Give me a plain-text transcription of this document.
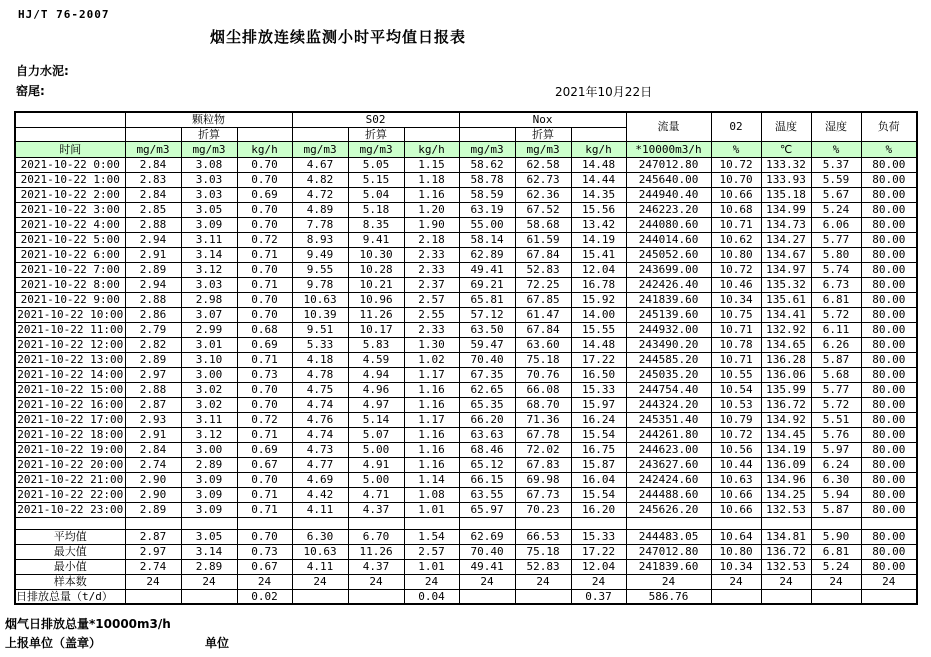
HJ/T 76-2007
烟尘排放连续监测小时平均值日报表
自力水泥:
窑尾:	2021年10月22日
	颗粒物			S02			Nox			流量	02	温度	湿度	负荷
		折算			折算			折算						
时间	mg/m3	mg/m3	kg/h	mg/m3	mg/m3	kg/h	mg/m3	mg/m3	kg/h	*10000m3/h	%	℃	%	%
2021-10-22 0:00	2.84	3.08	0.70	4.67	5.05	1.15	58.62	62.58	14.48	247012.80	10.72	133.32	5.37	80.00
2021-10-22 1:00	2.83	3.03	0.70	4.82	5.15	1.18	58.78	62.73	14.44	245640.00	10.70	133.93	5.59	80.00
2021-10-22 2:00	2.84	3.03	0.69	4.72	5.04	1.16	58.59	62.36	14.35	244940.40	10.66	135.18	5.67	80.00
2021-10-22 3:00	2.85	3.05	0.70	4.89	5.18	1.20	63.19	67.52	15.56	246223.20	10.68	134.99	5.24	80.00
2021-10-22 4:00	2.88	3.09	0.70	7.78	8.35	1.90	55.00	58.68	13.42	244080.60	10.71	134.73	6.06	80.00
2021-10-22 5:00	2.94	3.11	0.72	8.93	9.41	2.18	58.14	61.59	14.19	244014.60	10.62	134.27	5.77	80.00
2021-10-22 6:00	2.91	3.14	0.71	9.49	10.30	2.33	62.89	67.84	15.41	245052.60	10.80	134.67	5.80	80.00
2021-10-22 7:00	2.89	3.12	0.70	9.55	10.28	2.33	49.41	52.83	12.04	243699.00	10.72	134.97	5.74	80.00
2021-10-22 8:00	2.94	3.03	0.71	9.78	10.21	2.37	69.21	72.25	16.78	242426.40	10.46	135.32	6.73	80.00
2021-10-22 9:00	2.88	2.98	0.70	10.63	10.96	2.57	65.81	67.85	15.92	241839.60	10.34	135.61	6.81	80.00
2021-10-22 10:00	2.86	3.07	0.70	10.39	11.26	2.55	57.12	61.47	14.00	245139.60	10.75	134.41	5.72	80.00
2021-10-22 11:00	2.79	2.99	0.68	9.51	10.17	2.33	63.50	67.84	15.55	244932.00	10.71	132.92	6.11	80.00
2021-10-22 12:00	2.82	3.01	0.69	5.33	5.83	1.30	59.47	63.60	14.48	243490.20	10.78	134.65	6.26	80.00
2021-10-22 13:00	2.89	3.10	0.71	4.18	4.59	1.02	70.40	75.18	17.22	244585.20	10.71	136.28	5.87	80.00
2021-10-22 14:00	2.97	3.00	0.73	4.78	4.94	1.17	67.35	70.76	16.50	245035.20	10.55	136.06	5.68	80.00
2021-10-22 15:00	2.88	3.02	0.70	4.75	4.96	1.16	62.65	66.08	15.33	244754.40	10.54	135.99	5.77	80.00
2021-10-22 16:00	2.87	3.02	0.70	4.74	4.97	1.16	65.35	68.70	15.97	244324.20	10.53	136.72	5.72	80.00
2021-10-22 17:00	2.93	3.11	0.72	4.76	5.14	1.17	66.20	71.36	16.24	245351.40	10.79	134.92	5.51	80.00
2021-10-22 18:00	2.91	3.12	0.71	4.74	5.07	1.16	63.63	67.78	15.54	244261.80	10.72	134.45	5.76	80.00
2021-10-22 19:00	2.84	3.00	0.69	4.73	5.00	1.16	68.46	72.02	16.75	244623.00	10.56	134.19	5.97	80.00
2021-10-22 20:00	2.74	2.89	0.67	4.77	4.91	1.16	65.12	67.83	15.87	243627.60	10.44	136.09	6.24	80.00
2021-10-22 21:00	2.90	3.09	0.70	4.69	5.00	1.14	66.15	69.98	16.04	242424.60	10.63	134.96	6.30	80.00
2021-10-22 22:00	2.90	3.09	0.71	4.42	4.71	1.08	63.55	67.73	15.54	244488.60	10.66	134.25	5.94	80.00
2021-10-22 23:00	2.89	3.09	0.71	4.11	4.37	1.01	65.97	70.23	16.20	245626.20	10.66	132.53	5.87	80.00

平均值	2.87	3.05	0.70	6.30	6.70	1.54	62.69	66.53	15.33	244483.05	10.64	134.81	5.90	80.00
最大值	2.97	3.14	0.73	10.63	11.26	2.57	70.40	75.18	17.22	247012.80	10.80	136.72	6.81	80.00
最小值	2.74	2.89	0.67	4.11	4.37	1.01	49.41	52.83	12.04	241839.60	10.34	132.53	5.24	80.00
样本数	24	24	24	24	24	24	24	24	24	24	24	24	24	24
日排放总量（t/d）			0.02			0.04			0.37	586.76				
烟气日排放总量*10000m3/h
上报单位（盖章）	单位
